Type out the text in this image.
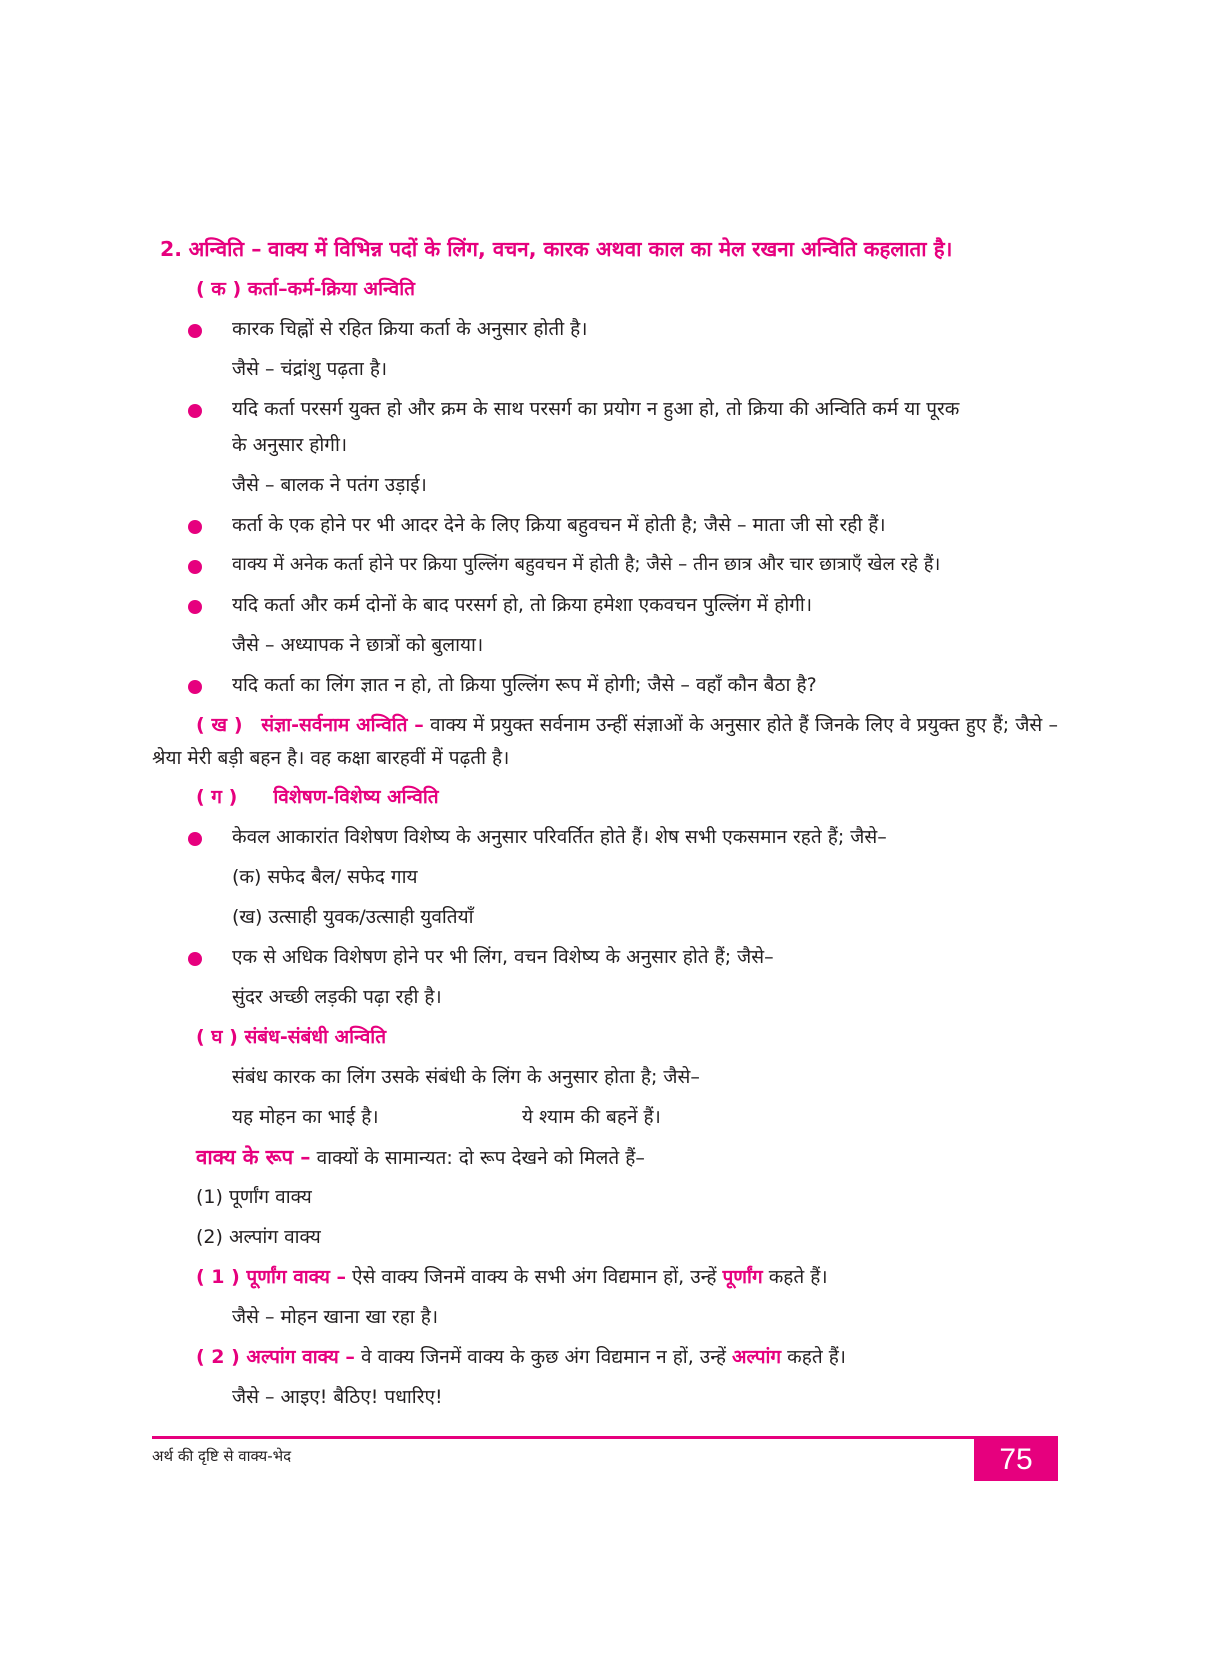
2. अन्विति – वाक्य में विभिन्न पदों के लिंग, वचन, कारक अथवा काल का मेल रखना अन्विति कहलाता है।
( क ) कर्ता–कर्म-क्रिया अन्विति
कारक चिह्नों से रहित क्रिया कर्ता के अनुसार होती है।
जैसे – चंद्रांशु पढ़ता है।
यदि कर्ता परसर्ग युक्त हो और क्रम के साथ परसर्ग का प्रयोग न हुआ हो, तो क्रिया की अन्विति कर्म या पूरक
के अनुसार होगी।
जैसे – बालक ने पतंग उड़ाई।
कर्ता के एक होने पर भी आदर देने के लिए क्रिया बहुवचन में होती है; जैसे – माता जी सो रही हैं।
वाक्य में अनेक कर्ता होने पर क्रिया पुल्लिंग बहुवचन में होती है; जैसे – तीन छात्र और चार छात्राएँ खेल रहे हैं।
यदि कर्ता और कर्म दोनों के बाद परसर्ग हो, तो क्रिया हमेशा एकवचन पुल्लिंग में होगी।
जैसे – अध्यापक ने छात्रों को बुलाया।
यदि कर्ता का लिंग ज्ञात न हो, तो क्रिया पुल्लिंग रूप में होगी; जैसे – वहाँ कौन बैठा है?
( ख ) संज्ञा-सर्वनाम अन्विति – वाक्य में प्रयुक्त सर्वनाम उन्हीं संज्ञाओं के अनुसार होते हैं जिनके लिए वे प्रयुक्त हुए हैं; जैसे – श्रेया मेरी बड़ी बहन है। वह कक्षा बारहवीं में पढ़ती है।
( ग ) विशेषण-विशेष्य अन्विति
केवल आकारांत विशेषण विशेष्य के अनुसार परिवर्तित होते हैं। शेष सभी एकसमान रहते हैं; जैसे–
(क) सफेद बैल/ सफेद गाय
(ख) उत्साही युवक/उत्साही युवतियाँ
एक से अधिक विशेषण होने पर भी लिंग, वचन विशेष्य के अनुसार होते हैं; जैसे–
सुंदर अच्छी लड़की पढ़ा रही है।
( घ ) संबंध-संबंधी अन्विति
संबंध कारक का लिंग उसके संबंधी के लिंग के अनुसार होता है; जैसे–
यह मोहन का भाई है।	ये श्याम की बहनें हैं।
वाक्य के रूप – वाक्यों के सामान्यत: दो रूप देखने को मिलते हैं–
(1) पूर्णांग वाक्य
(2) अल्पांग वाक्य
( 1 ) पूर्णांग वाक्य – ऐसे वाक्य जिनमें वाक्य के सभी अंग विद्यमान हों, उन्हें पूर्णांग कहते हैं।
जैसे – मोहन खाना खा रहा है।
( 2 ) अल्पांग वाक्य – वे वाक्य जिनमें वाक्य के कुछ अंग विद्यमान न हों, उन्हें अल्पांग कहते हैं।
जैसे – आइए! बैठिए! पधारिए!
अर्थ की दृष्टि से वाक्य-भेद	75
